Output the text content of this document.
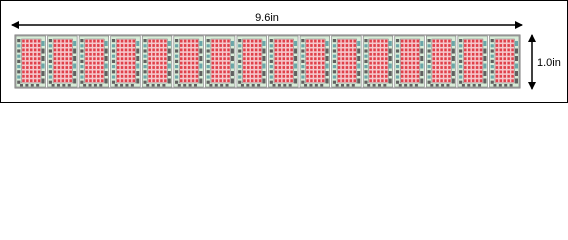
9.6in
1.0in
